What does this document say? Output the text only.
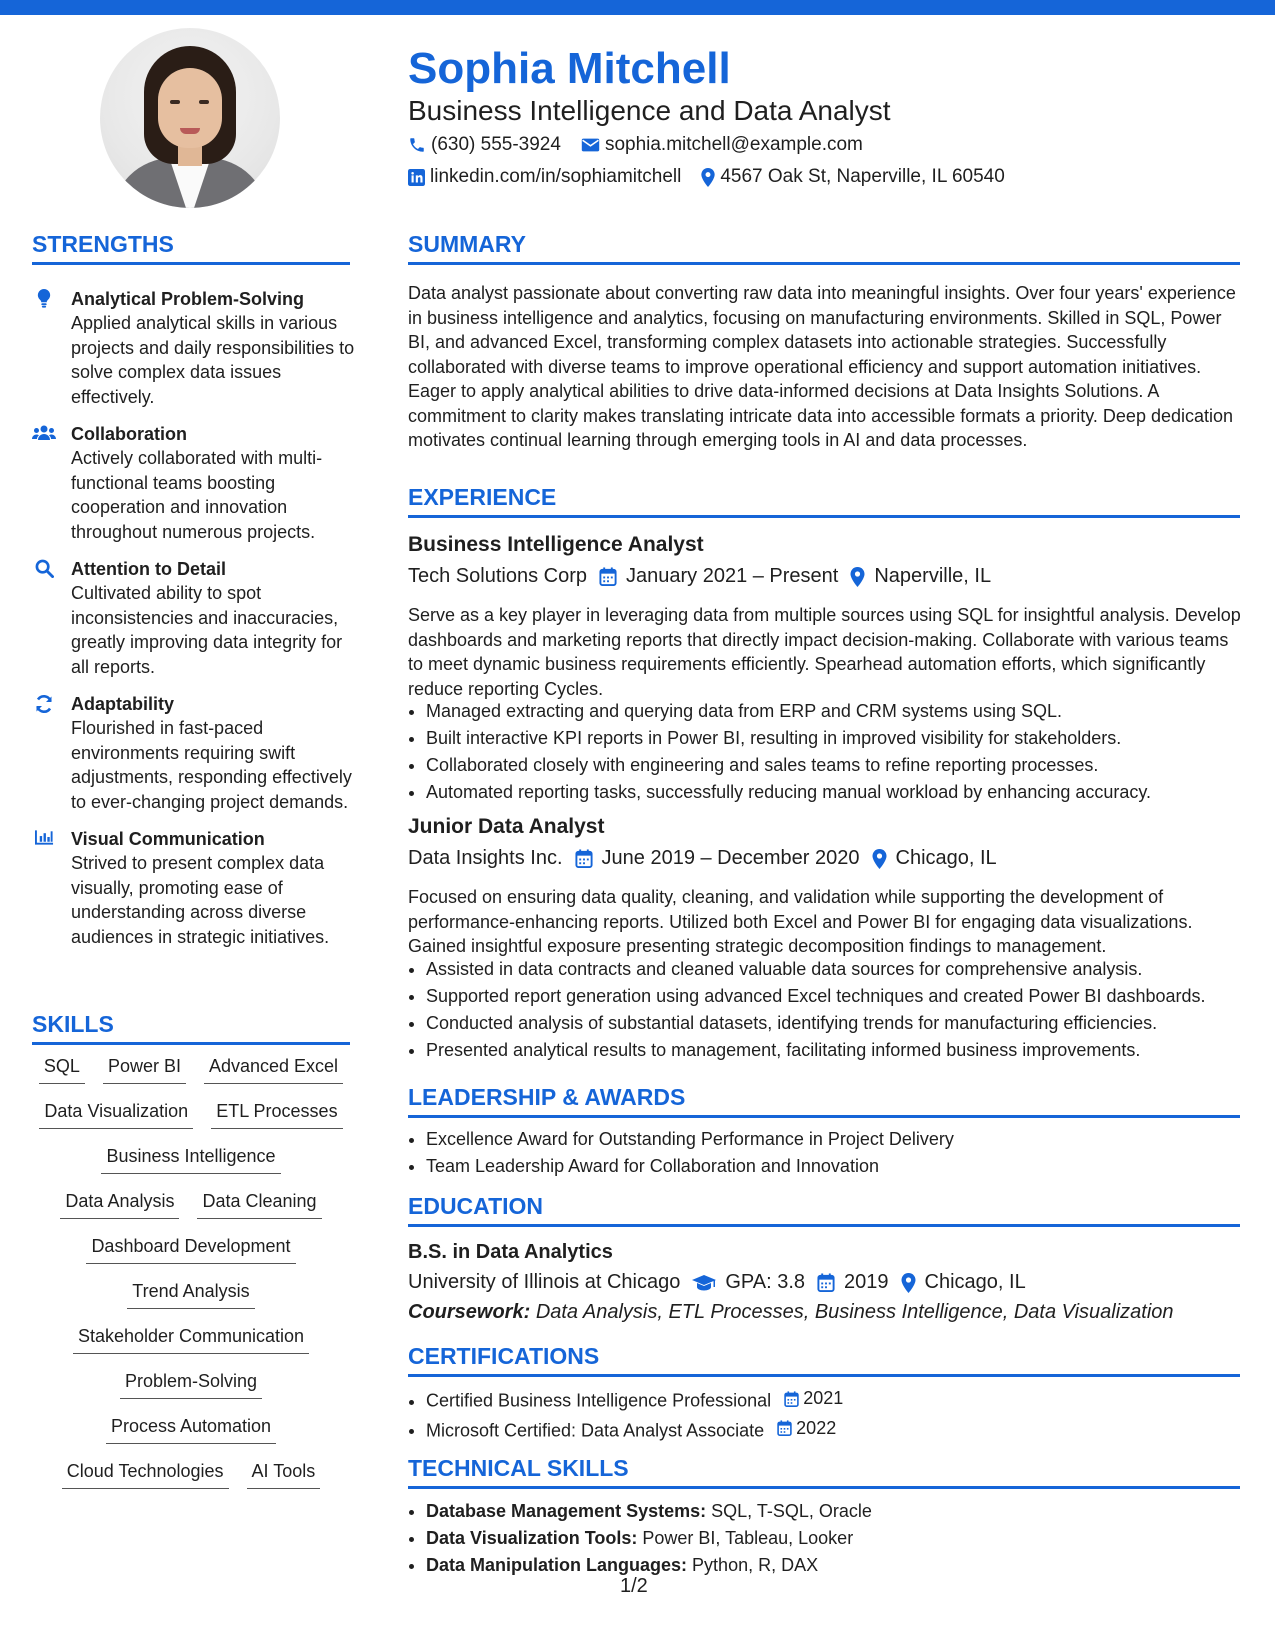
Sophia Mitchell
Business Intelligence and Data Analyst
(630) 555-3924 sophia.mitchell@example.com
linkedin.com/in/sophiamitchell 4567 Oak St, Naperville, IL 60540
STRENGTHS
Analytical Problem-Solving
Applied analytical skills in various projects and daily responsibilities to solve complex data issues effectively.
Collaboration
Actively collaborated with multi-functional teams boosting cooperation and innovation throughout numerous projects.
Attention to Detail
Cultivated ability to spot inconsistencies and inaccuracies, greatly improving data integrity for all reports.
Adaptability
Flourished in fast-paced environments requiring swift adjustments, responding effectively to ever-changing project demands.
Visual Communication
Strived to present complex data visually, promoting ease of understanding across diverse audiences in strategic initiatives.
SKILLS
SQL Power BI Advanced Excel
Data Visualization ETL Processes
Business Intelligence
Data Analysis Data Cleaning
Dashboard Development
Trend Analysis
Stakeholder Communication
Problem-Solving
Process Automation
Cloud Technologies AI Tools
SUMMARY
Data analyst passionate about converting raw data into meaningful insights. Over four years' experience in business intelligence and analytics, focusing on manufacturing environments. Skilled in SQL, Power BI, and advanced Excel, transforming complex datasets into actionable strategies. Successfully collaborated with diverse teams to improve operational efficiency and support automation initiatives. Eager to apply analytical abilities to drive data-informed decisions at Data Insights Solutions. A commitment to clarity makes translating intricate data into accessible formats a priority. Deep dedication motivates continual learning through emerging tools in AI and data processes.
EXPERIENCE
Business Intelligence Analyst
Tech Solutions Corp January 2021 – Present Naperville, IL
Serve as a key player in leveraging data from multiple sources using SQL for insightful analysis. Develop dashboards and marketing reports that directly impact decision-making. Collaborate with various teams to meet dynamic business requirements efficiently. Spearhead automation efforts, which significantly reduce reporting Cycles.
• Managed extracting and querying data from ERP and CRM systems using SQL.
• Built interactive KPI reports in Power BI, resulting in improved visibility for stakeholders.
• Collaborated closely with engineering and sales teams to refine reporting processes.
• Automated reporting tasks, successfully reducing manual workload by enhancing accuracy.
Junior Data Analyst
Data Insights Inc. June 2019 – December 2020 Chicago, IL
Focused on ensuring data quality, cleaning, and validation while supporting the development of performance-enhancing reports. Utilized both Excel and Power BI for engaging data visualizations. Gained insightful exposure presenting strategic decomposition findings to management.
• Assisted in data contracts and cleaned valuable data sources for comprehensive analysis.
• Supported report generation using advanced Excel techniques and created Power BI dashboards.
• Conducted analysis of substantial datasets, identifying trends for manufacturing efficiencies.
• Presented analytical results to management, facilitating informed business improvements.
LEADERSHIP & AWARDS
• Excellence Award for Outstanding Performance in Project Delivery
• Team Leadership Award for Collaboration and Innovation
EDUCATION
B.S. in Data Analytics
University of Illinois at Chicago GPA: 3.8 2019 Chicago, IL
Coursework: Data Analysis, ETL Processes, Business Intelligence, Data Visualization
CERTIFICATIONS
• Certified Business Intelligence Professional 2021
• Microsoft Certified: Data Analyst Associate 2022
TECHNICAL SKILLS
• Database Management Systems: SQL, T-SQL, Oracle
• Data Visualization Tools: Power BI, Tableau, Looker
• Data Manipulation Languages: Python, R, DAX
1/2
